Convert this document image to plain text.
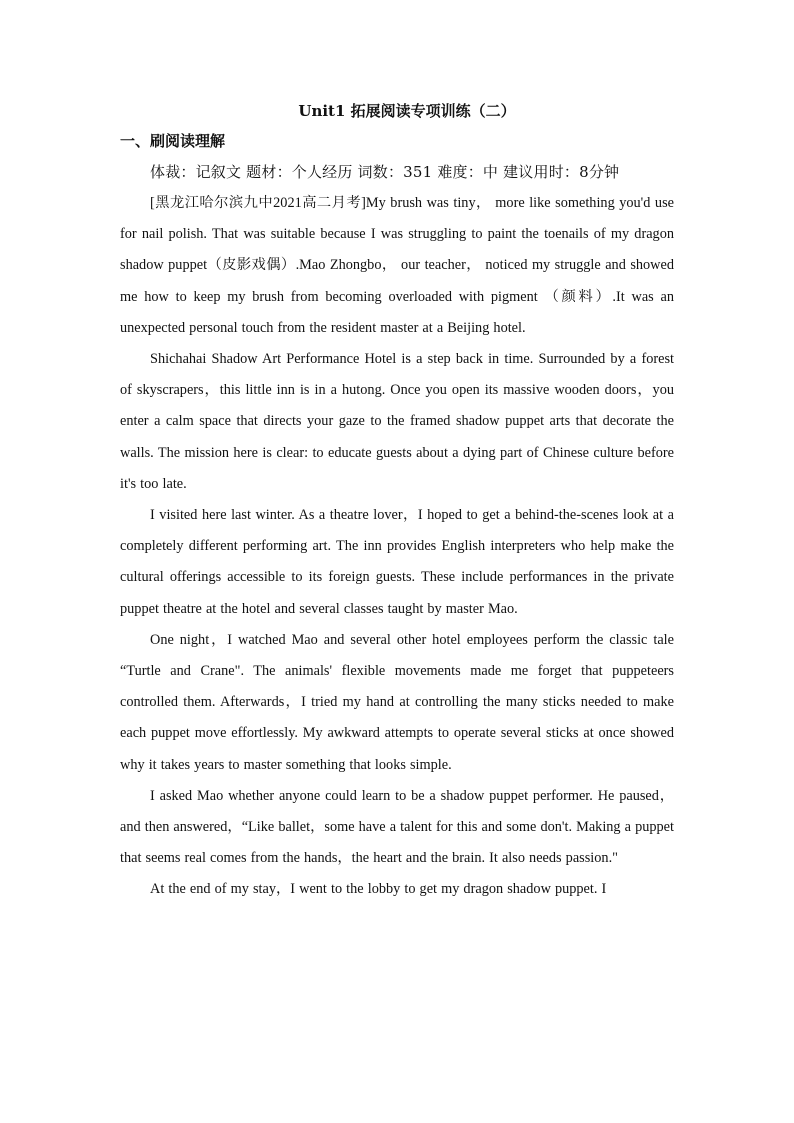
Unit1 拓展阅读专项训练（二）
一、刷阅读理解

体裁：记叙文 题材：个人经历 词数：351 难度：中 建议用时：8分钟

[黑龙江哈尔滨九中2021高二月考]My brush was tiny， more like something you'd use for nail polish. That was suitable because I was struggling to paint the toenails of my dragon shadow puppet（皮影戏偶）.Mao Zhongbo， our teacher， noticed my struggle and showed me how to keep my brush from becoming overloaded with pigment （颜料）.It was an unexpected personal touch from the resident master at a Beijing hotel.

Shichahai Shadow Art Performance Hotel is a step back in time. Surrounded by a forest of skyscrapers，this little inn is in a hutong. Once you open its massive wooden doors，you enter a calm space that directs your gaze to the framed shadow puppet arts that decorate the walls. The mission here is clear: to educate guests about a dying part of Chinese culture before it's too late.

I visited here last winter. As a theatre lover，I hoped to get a behind-the-scenes look at a completely different performing art. The inn provides English interpreters who help make the cultural offerings accessible to its foreign guests. These include performances in the private puppet theatre at the hotel and several classes taught by master Mao.

One night，I watched Mao and several other hotel employees perform the classic tale “Turtle and Crane". The animals' flexible movements made me forget that puppeteers controlled them. Afterwards，I tried my hand at controlling the many sticks needed to make each puppet move effortlessly. My awkward attempts to operate several sticks at once showed why it takes years to master something that looks simple.

I asked Mao whether anyone could learn to be a shadow puppet performer. He paused， and then answered，“Like ballet，some have a talent for this and some don't. Making a puppet that seems real comes from the hands，the heart and the brain. It also needs passion."

At the end of my stay，I went to the lobby to get my dragon shadow puppet. I
